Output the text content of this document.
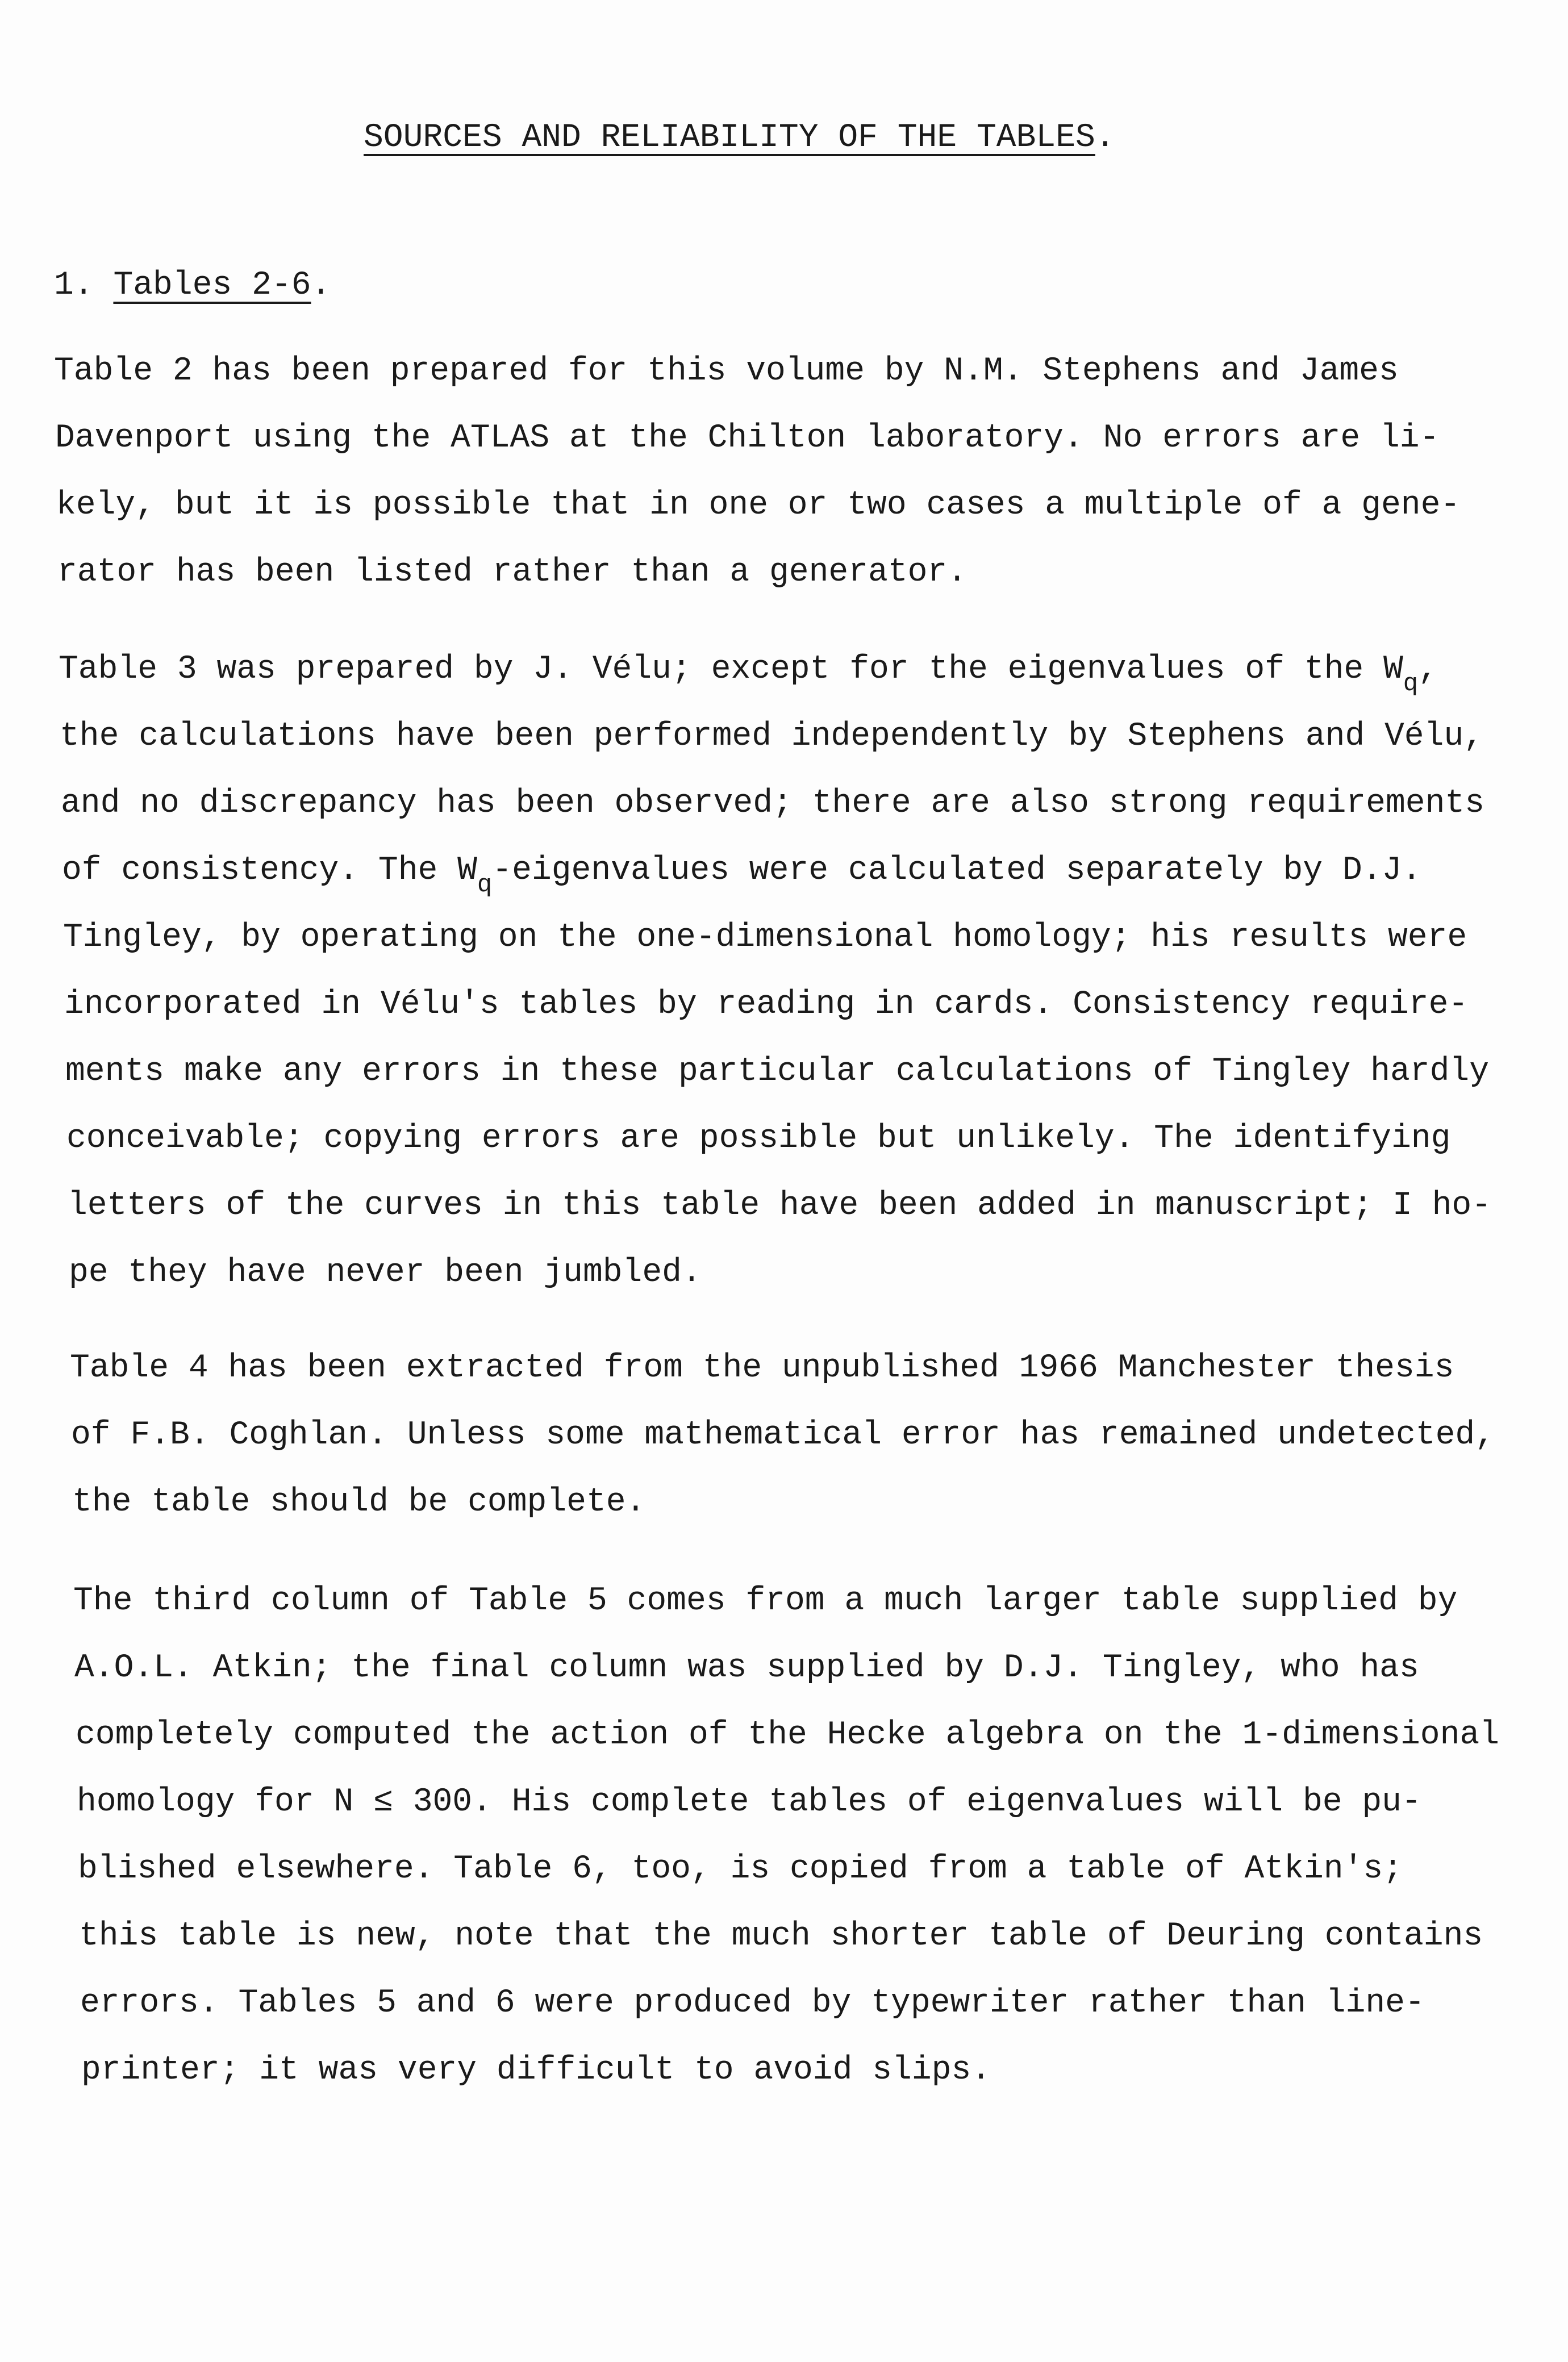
SOURCES AND RELIABILITY OF THE TABLES.
1. Tables 2-6.
Table 2 has been prepared for this volume by N.M. Stephens and James
Davenport using the ATLAS at the Chilton laboratory. No errors are li-
kely, but it is possible that in one or two cases a multiple of a gene-
rator has been listed rather than a generator.
Table 3 was prepared by J. Vélu; except for the eigenvalues of the $W_q$,
the calculations have been performed independently by Stephens and Vélu,
and no discrepancy has been observed; there are also strong requirements
of consistency. The $W_q$-eigenvalues were calculated separately by D.J.
Tingley, by operating on the one-dimensional homology; his results were
incorporated in Vélu's tables by reading in cards. Consistency require-
ments make any errors in these particular calculations of Tingley hardly
conceivable; copying errors are possible but unlikely. The identifying
letters of the curves in this table have been added in manuscript; I ho-
pe they have never been jumbled.
Table 4 has been extracted from the unpublished 1966 Manchester thesis
of F.B. Coghlan. Unless some mathematical error has remained undetected,
the table should be complete.
The third column of Table 5 comes from a much larger table supplied by
A.O.L. Atkin; the final column was supplied by D.J. Tingley, who has
completely computed the action of the Hecke algebra on the 1-dimensional
homology for N ≤ 300. His complete tables of eigenvalues will be pu-
blished elsewhere. Table 6, too, is copied from a table of Atkin's;
this table is new, note that the much shorter table of Deuring contains
errors. Tables 5 and 6 were produced by typewriter rather than line-
printer; it was very difficult to avoid slips.
